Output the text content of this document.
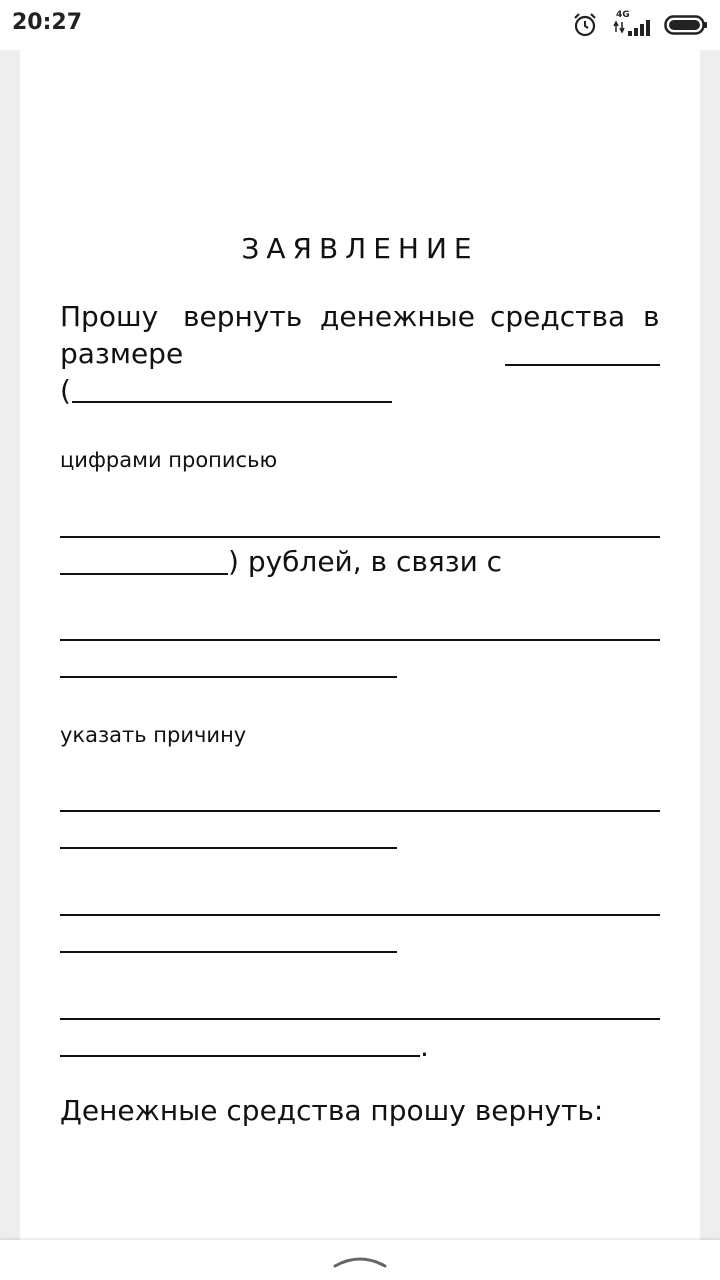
20:27	4G
ЗАЯВЛЕНИЕ
Прошу вернуть денежные средства в
размере
(
цифрами прописью
) рублей, в связи с
указать причину
.
Денежные средства прошу вернуть:
